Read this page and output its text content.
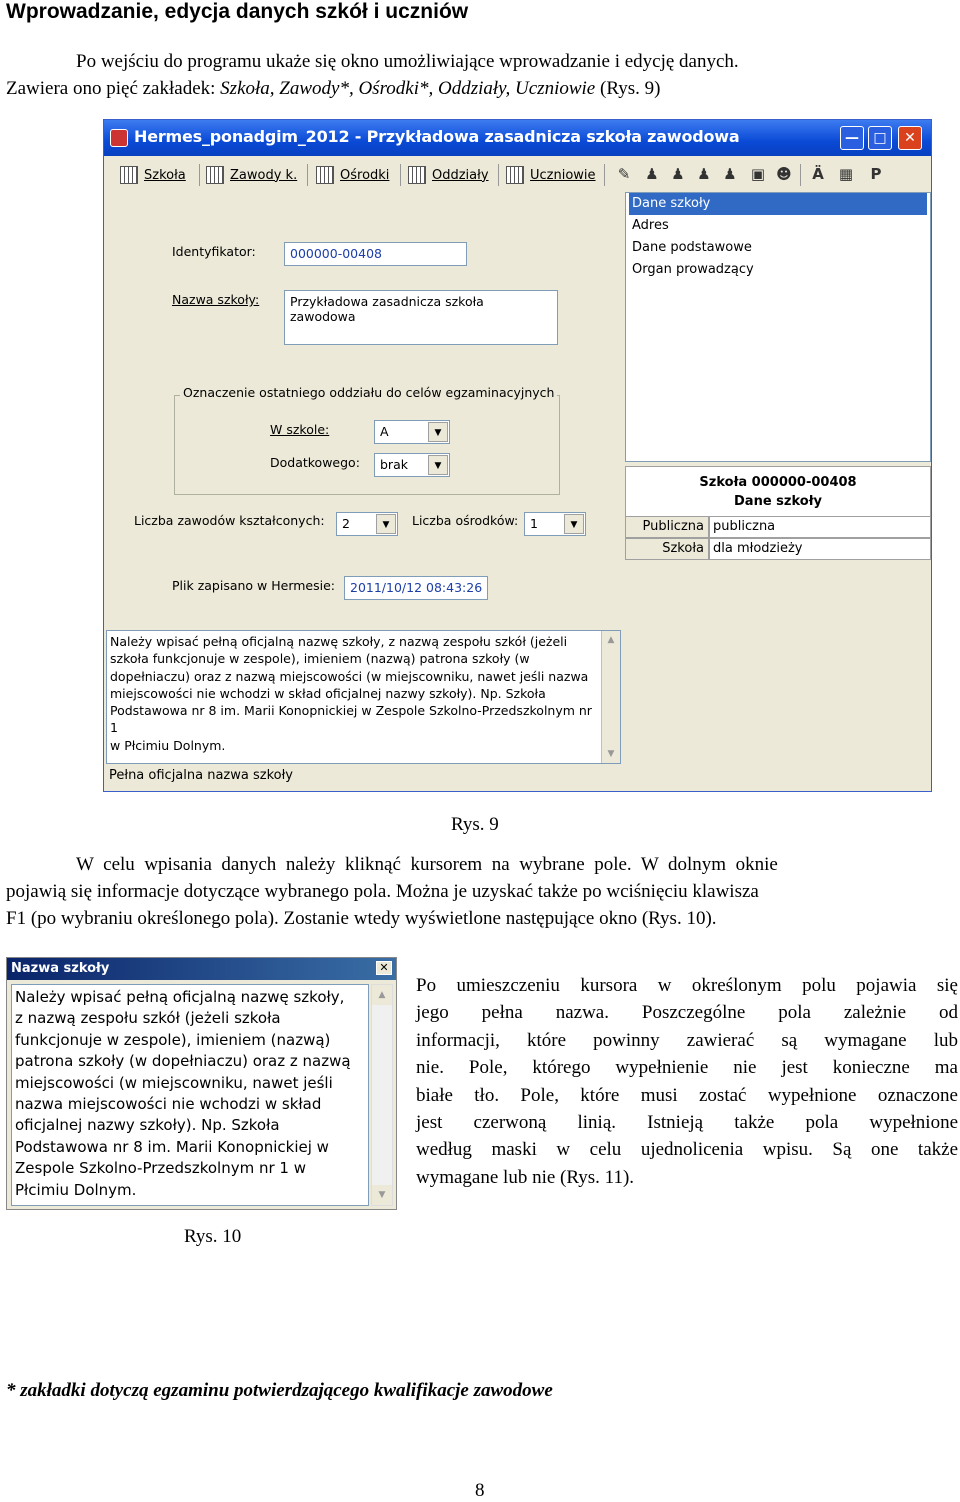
Wprowadzanie, edycja danych szkół i uczniów
Po wejściu do programu ukaże się okno umożliwiające wprowadzanie i edycję danych.
Zawiera ono pięć zakładek: Szkoła, Zawody*, Ośrodki*, Oddziały, Uczniowie (Rys. 9)
Hermes_ponadgim_2012 - Przykładowa zasadnicza szkoła zawodowa	—	□	✕
Szkoła	Zawody k.	Ośrodki	Oddziały	Uczniowie ✎ ♟ ♟ ♟ ♟ ▣ ☻ Ä ▦	P
Identyfikator:	000000-00408
Nazwa szkoły:	Przykładowa zasadnicza szkoła zawodowa
Oznaczenie ostatniego oddziału do celów egzaminacyjnych
W szkole:	A	▼
Dodatkowego: brak	▼
Liczba zawodów kształconych: 2	▼	Liczba ośrodków: 1	▼
Plik zapisano w Hermesie:	2011/10/12 08:43:26
Dane szkoły
Adres
Dane podstawowe
Organ prowadzący
Szkoła 000000-00408
Dane szkoły
Publiczna publiczna
Szkoła dla młodzieży
Należy wpisać pełną oficjalną nazwę szkoły, z nazwą zespołu szkół (jeżeli
szkoła funkcjonuje w zespole), imieniem (nazwą) patrona szkoły (w
dopełniaczu) oraz z nazwą miejscowości (w miejscowniku, nawet jeśli nazwa
miejscowości nie wchodzi w skład oficjalnej nazwy szkoły). Np. Szkoła
Podstawowa nr 8 im. Marii Konopnickiej w Zespole Szkolno-Przedszkolnym nr 1
w Płcimiu Dolnym.
▲
▼
Pełna oficjalna nazwa szkoły
Rys. 9
W celu wpisania danych należy kliknąć kursorem na wybrane pole. W dolnym oknie
pojawią się informacje dotyczące wybranego pola. Można je uzyskać także po wciśnięciu klawisza
F1 (po wybraniu określonego pola). Zostanie wtedy wyświetlone następujące okno (Rys. 10).
Nazwa szkoły	✕
Należy wpisać pełną oficjalną nazwę szkoły,
z nazwą zespołu szkół (jeżeli szkoła
funkcjonuje w zespole), imieniem (nazwą)
patrona szkoły (w dopełniaczu) oraz z nazwą
miejscowości (w miejscowniku, nawet jeśli
nazwa miejscowości nie wchodzi w skład
oficjalnej nazwy szkoły). Np. Szkoła
Podstawowa nr 8 im. Marii Konopnickiej w
Zespole Szkolno-Przedszkolnym nr 1 w
Płcimiu Dolnym.
▲
▼
Po umieszczeniu kursora w określonym polu pojawia się
jego pełna nazwa. Poszczególne pola zależnie od
informacji, które powinny zawierać są wymagane lub
nie. Pole, którego wypełnienie nie jest konieczne ma
białe tło. Pole, które musi zostać wypełnione oznaczone
jest czerwoną linią. Istnieją także pola wypełnione
według maski w celu ujednolicenia wpisu. Są one także
wymagane lub nie (Rys. 11).
Rys. 10
* zakładki dotyczą egzaminu potwierdzającego kwalifikacje zawodowe
8
